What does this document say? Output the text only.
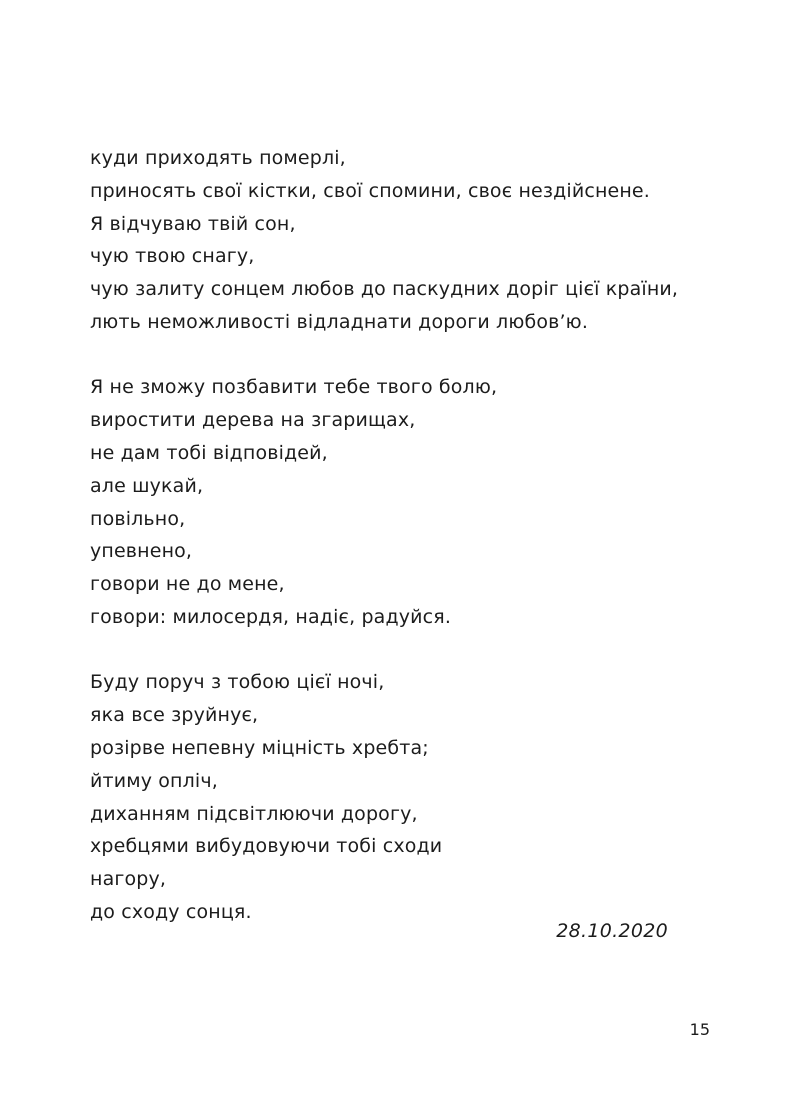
куди приходять померлі,
приносять свої кістки, свої спомини, своє нездійснене.
Я відчуваю твій сон,
чую твою снагу,
чую залиту сонцем любов до паскудних доріг цієї країни,
лють неможливості відладнати дороги любов’ю.
Я не зможу позбавити тебе твого болю,
виростити дерева на згарищах,
не дам тобі відповідей,
але шукай,
повільно,
упевнено,
говори не до мене,
говори: милосердя, надіє, радуйся.
Буду поруч з тобою цієї ночі,
яка все зруйнує,
розірве непевну міцність хребта;
йтиму опліч,
диханням підсвітлюючи дорогу,
хребцями вибудовуючи тобі сходи
нагору,
до сходу сонця.
28.10.2020
15
